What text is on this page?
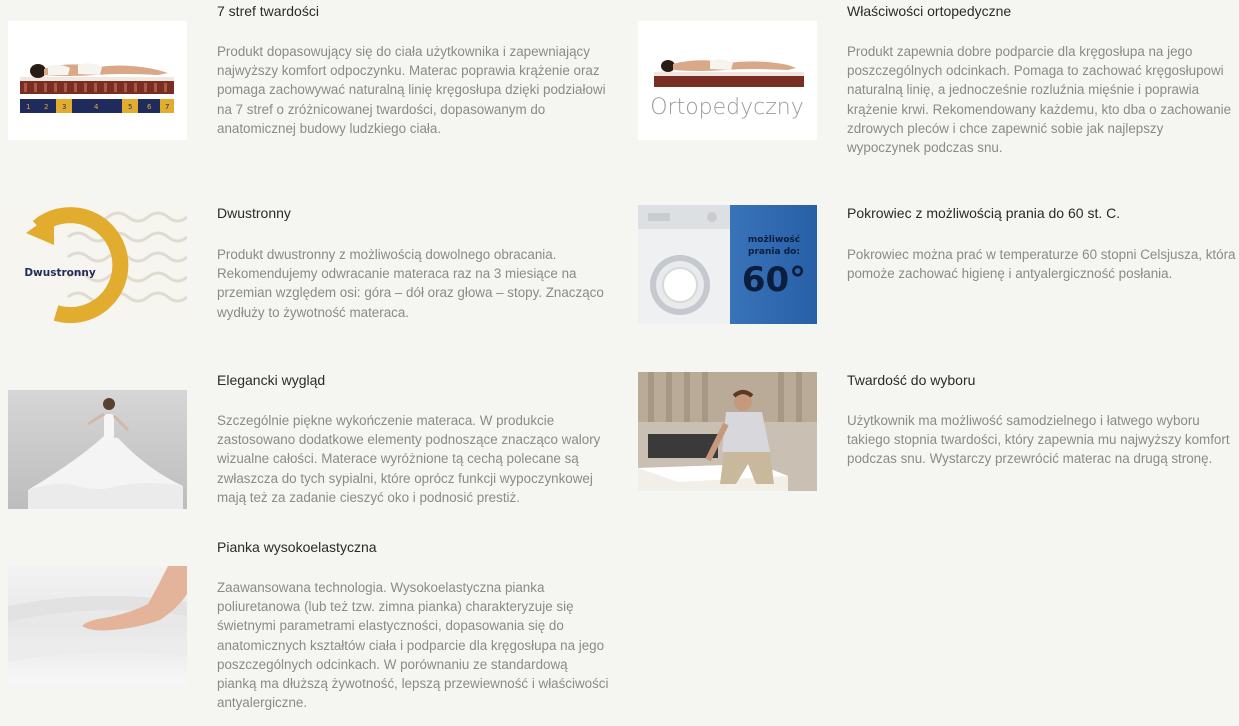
1 2 3	4	5 6 7
7 stref twardości

Produkt dopasowujący się do ciała użytkownika i zapewniający najwyższy komfort odpoczynku. Materac poprawia krążenie oraz pomaga zachowywać naturalną linię kręgosłupa dzięki podziałowi na 7 stref o zróżnicowanej twardości, dopasowanym do anatomicznej budowy ludzkiego ciała.

Ortopedyczny
Właściwości ortopedyczne

Produkt zapewnia dobre podparcie dla kręgosłupa na jego poszczególnych odcinkach. Pomaga to zachować kręgosłupowi naturalną linię, a jednocześnie rozluźnia mięśnie i poprawia krążenie krwi. Rekomendowany każdemu, kto dba o zachowanie zdrowych pleców i chce zapewnić sobie jak najlepszy wypoczynek podczas snu.

Dwustronny
Dwustronny

Produkt dwustronny z możliwością dowolnego obracania. Rekomendujemy odwracanie materaca raz na 3 miesiące na przemian względem osi: góra – dół oraz głowa – stopy. Znacząco wydłuży to żywotność materaca.

możliwość
prania do:
60°
Pokrowiec z możliwością prania do 60 st. C.

Pokrowiec można prać w temperaturze 60 stopni Celsjusza, która pomoże zachować higienę i antyalergiczność posłania.

Elegancki wygląd

Szczególnie piękne wykończenie materaca. W produkcie zastosowano dodatkowe elementy podnoszące znacząco walory wizualne całości. Materace wyróżnione tą cechą polecane są zwłaszcza do tych sypialni, które oprócz funkcji wypoczynkowej mają też za zadanie cieszyć oko i podnosić prestiż.

Twardość do wyboru

Użytkownik ma możliwość samodzielnego i łatwego wyboru takiego stopnia twardości, który zapewnia mu najwyższy komfort podczas snu. Wystarczy przewrócić materac na drugą stronę.

Pianka wysokoelastyczna

Zaawansowana technologia. Wysokoelastyczna pianka poliuretanowa (lub też tzw. zimna pianka) charakteryzuje się świetnymi parametrami elastyczności, dopasowania się do anatomicznych kształtów ciała i podparcie dla kręgosłupa na jego poszczególnych odcinkach. W porównaniu ze standardową pianką ma dłuższą żywotność, lepszą przewiewność i właściwości antyalergiczne.
